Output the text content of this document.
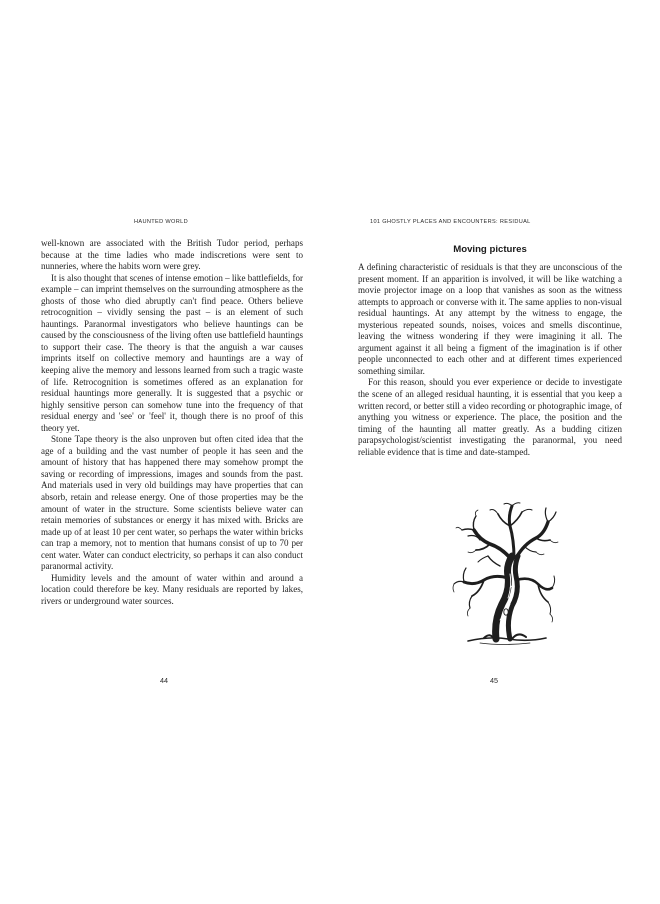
HAUNTED WORLD

well-known are associated with the British Tudor period, perhaps because at the time ladies who made indiscretions were sent to nunneries, where the habits worn were grey.

It is also thought that scenes of intense emotion – like battlefields, for example – can imprint themselves on the surrounding atmosphere as the ghosts of those who died abruptly can't find peace. Others believe retrocognition – vividly sensing the past – is an element of such hauntings. Paranormal investigators who believe hauntings can be caused by the consciousness of the living often use battlefield hauntings to support their case. The theory is that the anguish a war causes imprints itself on collective memory and hauntings are a way of keeping alive the memory and lessons learned from such a tragic waste of life. Retrocognition is sometimes offered as an explanation for residual hauntings more generally. It is suggested that a psychic or highly sensitive person can somehow tune into the frequency of that residual energy and 'see' or 'feel' it, though there is no proof of this theory yet.

Stone Tape theory is the also unproven but often cited idea that the age of a building and the vast number of people it has seen and the amount of history that has happened there may somehow prompt the saving or recording of impressions, images and sounds from the past. And materials used in very old buildings may have properties that can absorb, retain and release energy. One of those properties may be the amount of water in the structure. Some scientists believe water can retain memories of substances or energy it has mixed with. Bricks are made up of at least 10 per cent water, so perhaps the water within bricks can trap a memory, not to mention that humans consist of up to 70 per cent water. Water can conduct electricity, so perhaps it can also conduct paranormal activity.

Humidity levels and the amount of water within and around a location could therefore be key. Many residuals are reported by lakes, rivers or underground water sources.

44
101 GHOSTLY PLACES AND ENCOUNTERS: RESIDUAL
Moving pictures

A defining characteristic of residuals is that they are unconscious of the present moment. If an apparition is involved, it will be like watching a movie projector image on a loop that vanishes as soon as the witness attempts to approach or converse with it. The same applies to non-visual residual hauntings. At any attempt by the witness to engage, the mysterious repeated sounds, noises, voices and smells discontinue, leaving the witness wondering if they were imagining it all. The argument against it all being a figment of the imagination is if other people unconnected to each other and at different times experienced something similar.

For this reason, should you ever experience or decide to investigate the scene of an alleged residual haunting, it is essential that you keep a written record, or better still a video recording or photographic image, of anything you witness or experience. The place, the position and the timing of the haunting all matter greatly. As a budding citizen parapsychologist/scientist investigating the paranormal, you need reliable evidence that is time and date-stamped.

45
